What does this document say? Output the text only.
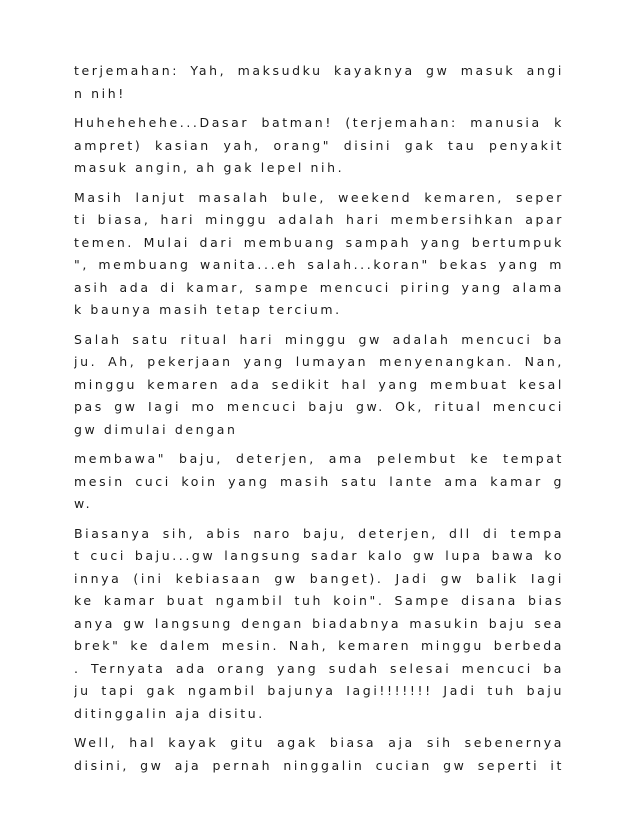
terjemahan: Yah, maksudku kayaknya gw masuk angi
n nih!
Huhehehehe...Dasar batman! (terjemahan: manusia k
ampret) kasian yah, orang" disini gak tau penyakit
masuk angin, ah gak lepel nih.
Masih lanjut masalah bule, weekend kemaren, seper
ti biasa, hari minggu adalah hari membersihkan apar
temen. Mulai dari membuang sampah yang bertumpuk
", membuang wanita...eh salah...koran" bekas yang m
asih ada di kamar, sampe mencuci piring yang alama
k baunya masih tetap tercium.
Salah satu ritual hari minggu gw adalah mencuci ba
ju. Ah, pekerjaan yang lumayan menyenangkan. Nan,
minggu kemaren ada sedikit hal yang membuat kesal
pas gw Iagi mo mencuci baju gw. Ok, ritual mencuci
gw dimulai dengan
membawa" baju, deterjen, ama pelembut ke tempat
mesin cuci koin yang masih satu lante ama kamar g
w.
Biasanya sih, abis naro baju, deterjen, dll di tempa
t cuci baju...gw langsung sadar kalo gw lupa bawa ko
innya (ini kebiasaan gw banget). Jadi gw balik Iagi
ke kamar buat ngambil tuh koin". Sampe disana bias
anya gw langsung dengan biadabnya masukin baju sea
brek" ke dalem mesin. Nah, kemaren minggu berbeda
. Ternyata ada orang yang sudah selesai mencuci ba
ju tapi gak ngambil bajunya Iagi!!!!!!! Jadi tuh baju
ditinggalin aja disitu.
Well, hal kayak gitu agak biasa aja sih sebenernya
disini, gw aja pernah ninggalin cucian gw seperti it
